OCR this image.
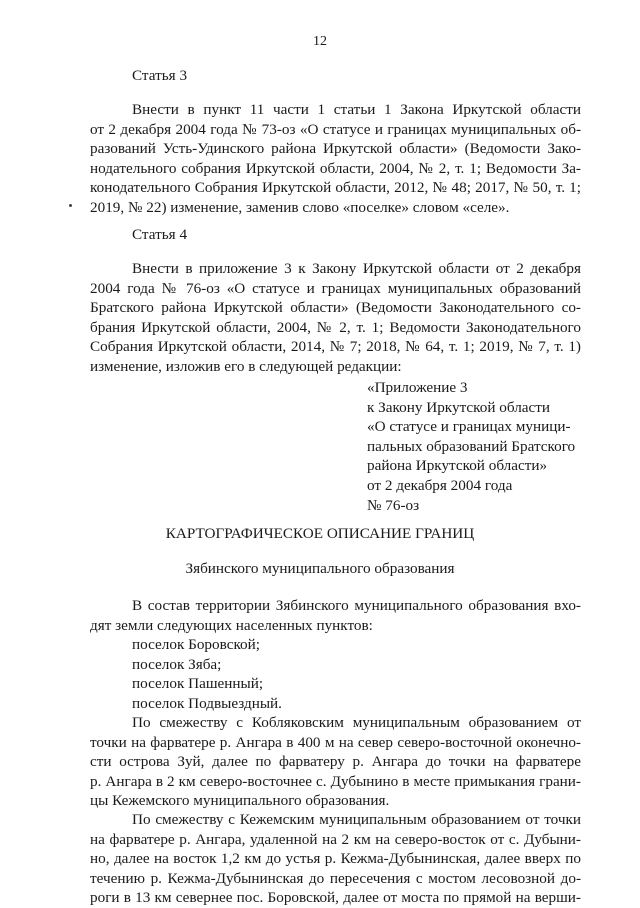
12
Статья 3
Внести в пункт 11 части 1 статьи 1 Закона Иркутской области
от 2 декабря 2004 года № 73-оз «О статусе и границах муниципальных об-
разований Усть-Удинского района Иркутской области» (Ведомости Зако-
нодательного собрания Иркутской области, 2004, № 2, т. 1; Ведомости За-
конодательного Собрания Иркутской области, 2012, № 48; 2017, № 50, т. 1;
2019, № 22) изменение, заменив слово «поселке» словом «селе».
Статья 4
Внести в приложение 3 к Закону Иркутской области от 2 декабря
2004 года № 76-оз «О статусе и границах муниципальных образований
Братского района Иркутской области» (Ведомости Законодательного со-
брания Иркутской области, 2004, № 2, т. 1; Ведомости Законодательного
Собрания Иркутской области, 2014, № 7; 2018, № 64, т. 1; 2019, № 7, т. 1)
изменение, изложив его в следующей редакции:
«Приложение 3
к Закону Иркутской области
«О статусе и границах муници-
пальных образований Братского
района Иркутской области»
от 2 декабря 2004 года
№ 76-оз
КАРТОГРАФИЧЕСКОЕ ОПИСАНИЕ ГРАНИЦ
Зябинского муниципального образования
В состав территории Зябинского муниципального образования вхо-
дят земли следующих населенных пунктов:
поселок Боровской;
поселок Зяба;
поселок Пашенный;
поселок Подвыездный.
По смежеству с Кобляковским муниципальным образованием от
точки на фарватере р. Ангара в 400 м на север северо-восточной оконечно-
сти острова Зуй, далее по фарватеру р. Ангара до точки на фарватере
р. Ангара в 2 км северо-восточнее с. Дубынино в месте примыкания грани-
цы Кежемского муниципального образования.
По смежеству с Кежемским муниципальным образованием от точки
на фарватере р. Ангара, удаленной на 2 км на северо-восток от с. Дубыни-
но, далее на восток 1,2 км до устья р. Кежма-Дубынинская, далее вверх по
течению р. Кежма-Дубынинская до пересечения с мостом лесовозной до-
роги в 13 км севернее пос. Боровской, далее от моста по прямой на верши-
